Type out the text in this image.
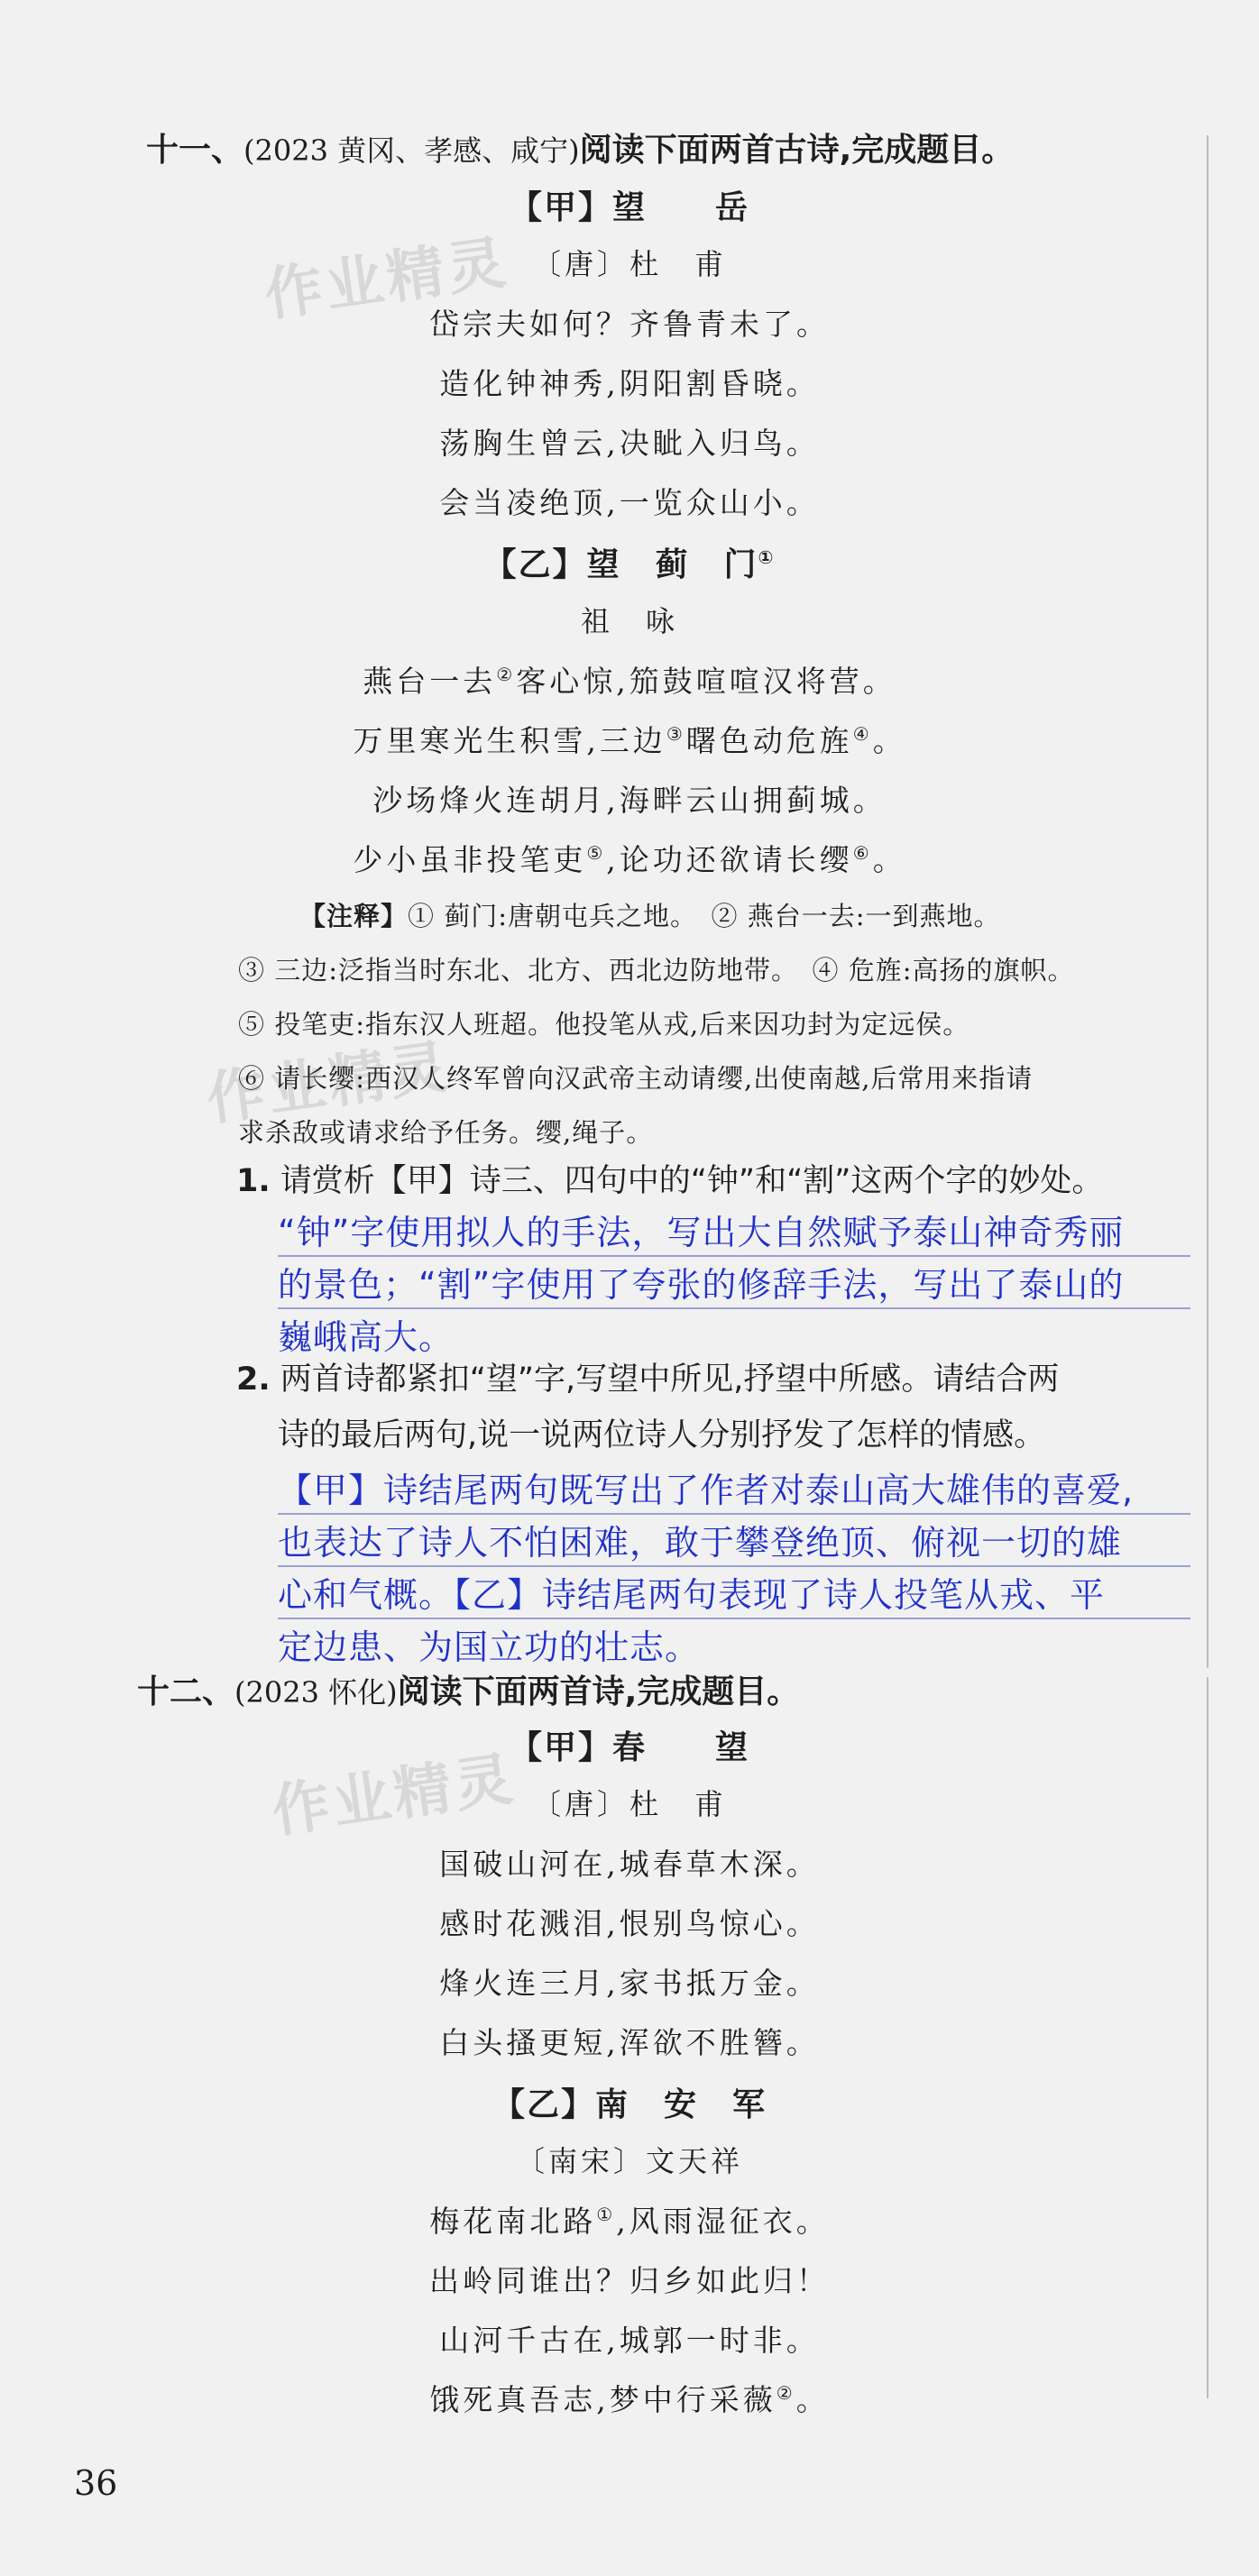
作业精灵
作业精灵
作业精灵
十一、(2023 黄冈、孝感、咸宁)阅读下面两首古诗,完成题目。
【甲】望　　岳
〔唐〕杜　甫
岱宗夫如何？齐鲁青未了。
造化钟神秀,阴阳割昏晓。
荡胸生曾云,决眦入归鸟。
会当凌绝顶,一览众山小。
【乙】望　蓟　门①
祖　咏
燕台一去②客心惊,笳鼓喧喧汉将营。
万里寒光生积雪,三边③曙色动危旌④。
沙场烽火连胡月,海畔云山拥蓟城。
少小虽非投笔吏⑤,论功还欲请长缨⑥。
【注释】① 蓟门:唐朝屯兵之地。　② 燕台一去:一到燕地。
③ 三边:泛指当时东北、北方、西北边防地带。　④ 危旌:高扬的旗帜。
⑤ 投笔吏:指东汉人班超。他投笔从戎,后来因功封为定远侯。
⑥ 请长缨:西汉人终军曾向汉武帝主动请缨,出使南越,后常用来指请
求杀敌或请求给予任务。缨,绳子。
1. 请赏析【甲】诗三、四句中的“钟”和“割”这两个字的妙处。
“钟”字使用拟人的手法，写出大自然赋予泰山神奇秀丽
的景色；“割”字使用了夸张的修辞手法，写出了泰山的
巍峨高大。
2. 两首诗都紧扣“望”字,写望中所见,抒望中所感。请结合两
诗的最后两句,说一说两位诗人分别抒发了怎样的情感。
【甲】诗结尾两句既写出了作者对泰山高大雄伟的喜爱,
也表达了诗人不怕困难，敢于攀登绝顶、俯视一切的雄
心和气概。【乙】诗结尾两句表现了诗人投笔从戎、平
定边患、为国立功的壮志。
十二、(2023 怀化)阅读下面两首诗,完成题目。
【甲】春　　望
〔唐〕杜　甫
国破山河在,城春草木深。
感时花溅泪,恨别鸟惊心。
烽火连三月,家书抵万金。
白头搔更短,浑欲不胜簪。
【乙】南　安　军
〔南宋〕文天祥
梅花南北路①,风雨湿征衣。
出岭同谁出？归乡如此归！
山河千古在,城郭一时非。
饿死真吾志,梦中行采薇②。
36
